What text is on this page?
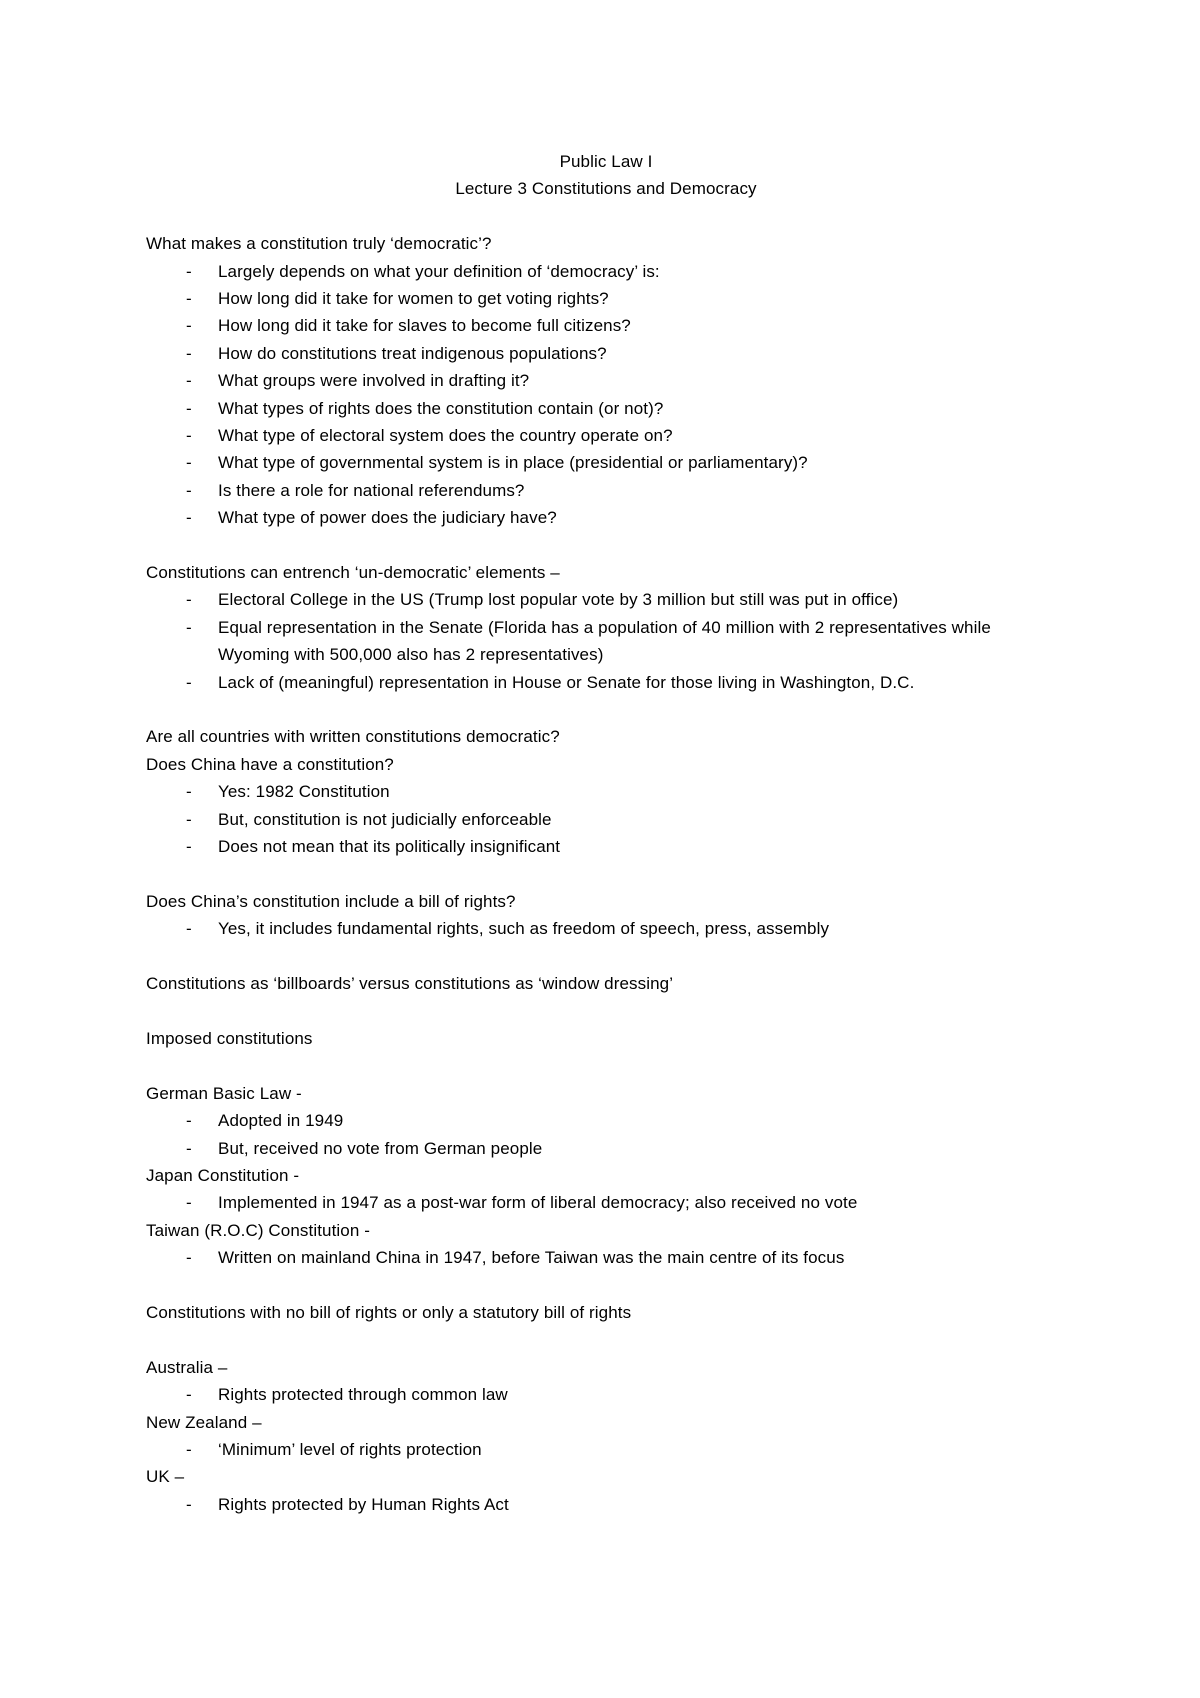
Public Law I
Lecture 3 Constitutions and Democracy
What makes a constitution truly ‘democratic’?
- Largely depends on what your definition of ‘democracy’ is:
- How long did it take for women to get voting rights?
- How long did it take for slaves to become full citizens?
- How do constitutions treat indigenous populations?
- What groups were involved in drafting it?
- What types of rights does the constitution contain (or not)?
- What type of electoral system does the country operate on?
- What type of governmental system is in place (presidential or parliamentary)?
- Is there a role for national referendums?
- What type of power does the judiciary have?
Constitutions can entrench ‘un-democratic’ elements –
- Electoral College in the US (Trump lost popular vote by 3 million but still was put in office)
- Equal representation in the Senate (Florida has a population of 40 million with 2 representatives while Wyoming with 500,000 also has 2 representatives)
- Lack of (meaningful) representation in House or Senate for those living in Washington, D.C.
Are all countries with written constitutions democratic?
Does China have a constitution?
- Yes: 1982 Constitution
- But, constitution is not judicially enforceable
- Does not mean that its politically insignificant
Does China’s constitution include a bill of rights?
- Yes, it includes fundamental rights, such as freedom of speech, press, assembly
Constitutions as ‘billboards’ versus constitutions as ‘window dressing’
Imposed constitutions
German Basic Law -
- Adopted in 1949
- But, received no vote from German people
Japan Constitution -
- Implemented in 1947 as a post-war form of liberal democracy; also received no vote
Taiwan (R.O.C) Constitution -
- Written on mainland China in 1947, before Taiwan was the main centre of its focus
Constitutions with no bill of rights or only a statutory bill of rights
Australia –
- Rights protected through common law
New Zealand –
- ‘Minimum’ level of rights protection
UK –
- Rights protected by Human Rights Act
